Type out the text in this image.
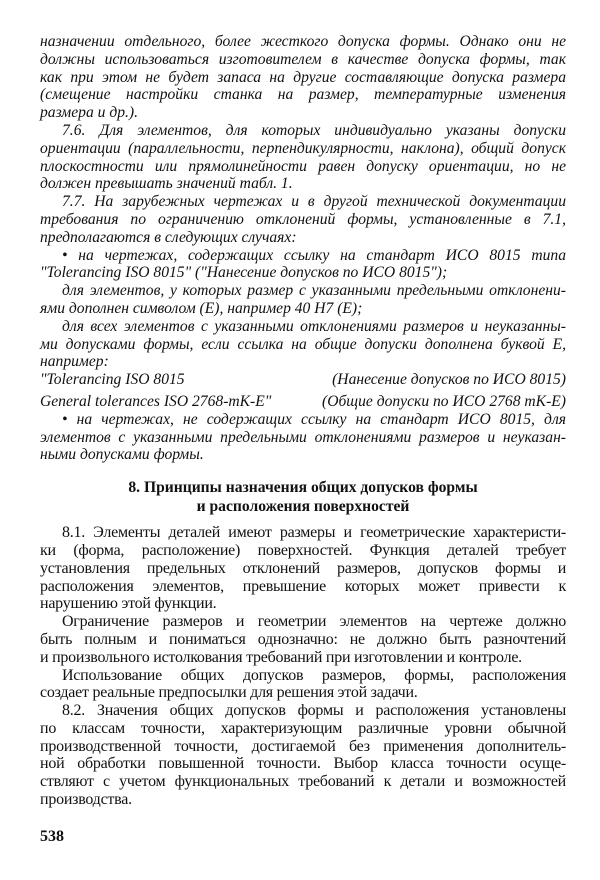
назначении отдельного, более жесткого допуска формы. Однако они не
должны использоваться изготовителем в качестве допуска формы, так
как при этом не будет запаса на другие составляющие допуска размера
(смещение настройки станка на размер, температурные изменения
размера и др.).
7.6. Для элементов, для которых индивидуально указаны допуски
ориентации (параллельности, перпендикулярности, наклона), общий допуск
плоскостности или прямолинейности равен допуску ориентации, но не
должен превышать значений табл. 1.
7.7. На зарубежных чертежах и в другой технической документации
требования по ограничению отклонений формы, установленные в 7.1,
предполагаются в следующих случаях:
• на чертежах, содержащих ссылку на стандарт ИСО 8015 типа
"Tolerancing ISO 8015" ("Нанесение допусков по ИСО 8015");
для элементов, у которых размер с указанными предельными отклонени-
ями дополнен символом (E), например 40 H7 (E);
для всех элементов с указанными отклонениями размеров и неуказанны-
ми допусками формы, если ссылка на общие допуски дополнена буквой E,
например:
"Tolerancing ISO 8015	(Нанесение допусков по ИСО 8015)
General tolerances ISO 2768-mK-E"	(Общие допуски по ИСО 2768 mK-E)
• на чертежах, не содержащих ссылку на стандарт ИСО 8015, для
элементов с указанными предельными отклонениями размеров и неуказан-
ными допусками формы.
8. Принципы назначения общих допусков формы
и расположения поверхностей
8.1. Элементы деталей имеют размеры и геометрические характеристи-
ки (форма, расположение) поверхностей. Функция деталей требует
установления предельных отклонений размеров, допусков формы и
расположения элементов, превышение которых может привести к
нарушению этой функции.
Ограничение размеров и геометрии элементов на чертеже должно
быть полным и пониматься однозначно: не должно быть разночтений
и произвольного истолкования требований при изготовлении и контроле.
Использование общих допусков размеров, формы, расположения
создает реальные предпосылки для решения этой задачи.
8.2. Значения общих допусков формы и расположения установлены
по классам точности, характеризующим различные уровни обычной
производственной точности, достигаемой без применения дополнитель-
ной обработки повышенной точности. Выбор класса точности осуще-
ствляют с учетом функциональных требований к детали и возможностей
производства.
538
